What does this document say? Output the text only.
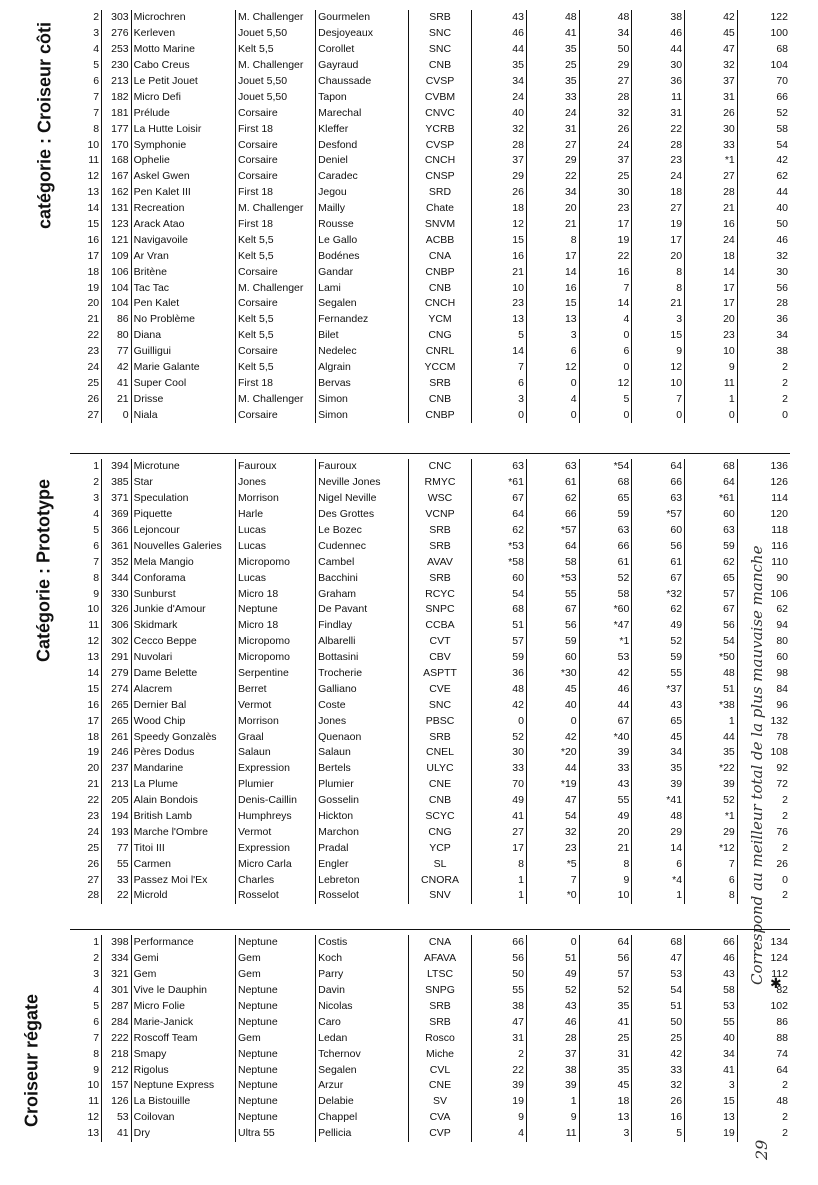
catégorie : Croiseur côti
Catégorie : Prototype
Croiseur régate
Correspond au meilleur total de la plus mauvaise manche ✱
29
2	303	Microchren	M. Challenger	Gourmelen	SRB	43	48	48	38	42	122
3	276	Kerleven	Jouet 5,50	Desjoyeaux	SNC	46	41	34	46	45	100
4	253	Motto Marine	Kelt 5,5	Corollet	SNC	44	35	50	44	47	68
5	230	Cabo Creus	M. Challenger	Gayraud	CNB	35	25	29	30	32	104
6	213	Le Petit Jouet	Jouet 5,50	Chaussade	CVSP	34	35	27	36	37	70
7	182	Micro Defi	Jouet 5,50	Tapon	CVBM	24	33	28	11	31	66
7	181	Prélude	Corsaire	Marechal	CNVC	40	24	32	31	26	52
8	177	La Hutte Loisir	First 18	Kleffer	YCRB	32	31	26	22	30	58
10	170	Symphonie	Corsaire	Desfond	CVSP	28	27	24	28	33	54
11	168	Ophelie	Corsaire	Deniel	CNCH	37	29	37	23	*1	42
12	167	Askel Gwen	Corsaire	Caradec	CNSP	29	22	25	24	27	62
13	162	Pen Kalet III	First 18	Jegou	SRD	26	34	30	18	28	44
14	131	Recreation	M. Challenger	Mailly	Chate	18	20	23	27	21	40
15	123	Arack Atao	First 18	Rousse	SNVM	12	21	17	19	16	50
16	121	Navigavoile	Kelt 5,5	Le Gallo	ACBB	15	8	19	17	24	46
17	109	Ar Vran	Kelt 5,5	Bodénes	CNA	16	17	22	20	18	32
18	106	Britène	Corsaire	Gandar	CNBP	21	14	16	8	14	30
19	104	Tac Tac	M. Challenger	Lami	CNB	10	16	7	8	17	56
20	104	Pen Kalet	Corsaire	Segalen	CNCH	23	15	14	21	17	28
21	86	No Problème	Kelt 5,5	Fernandez	YCM	13	13	4	3	20	36
22	80	Diana	Kelt 5,5	Bilet	CNG	5	3	0	15	23	34
23	77	Guilligui	Corsaire	Nedelec	CNRL	14	6	6	9	10	38
24	42	Marie Galante	Kelt 5,5	Algrain	YCCM	7	12	0	12	9	2
25	41	Super Cool	First 18	Bervas	SRB	6	0	12	10	11	2
26	21	Drisse	M. Challenger	Simon	CNB	3	4	5	7	1	2
27	0	Niala	Corsaire	Simon	CNBP	0	0	0	0	0	0
1	394	Microtune	Fauroux	Fauroux	CNC	63	63	*54	64	68	136
2	385	Star	Jones	Neville Jones	RMYC	*61	61	68	66	64	126
3	371	Speculation	Morrison	Nigel Neville	WSC	67	62	65	63	*61	114
4	369	Piquette	Harle	Des Grottes	VCNP	64	66	59	*57	60	120
5	366	Lejoncour	Lucas	Le Bozec	SRB	62	*57	63	60	63	118
6	361	Nouvelles Galeries	Lucas	Cudennec	SRB	*53	64	66	56	59	116
7	352	Mela Mangio	Micropomo	Cambel	AVAV	*58	58	61	61	62	110
8	344	Conforama	Lucas	Bacchini	SRB	60	*53	52	67	65	90
9	330	Sunburst	Micro 18	Graham	RCYC	54	55	58	*32	57	106
10	326	Junkie d'Amour	Neptune	De Pavant	SNPC	68	67	*60	62	67	62
11	306	Skidmark	Micro 18	Findlay	CCBA	51	56	*47	49	56	94
12	302	Cecco Beppe	Micropomo	Albarelli	CVT	57	59	*1	52	54	80
13	291	Nuvolari	Micropomo	Bottasini	CBV	59	60	53	59	*50	60
14	279	Dame Belette	Serpentine	Trocherie	ASPTT	36	*30	42	55	48	98
15	274	Alacrem	Berret	Galliano	CVE	48	45	46	*37	51	84
16	265	Dernier Bal	Vermot	Coste	SNC	42	40	44	43	*38	96
17	265	Wood Chip	Morrison	Jones	PBSC	0	0	67	65	1	132
18	261	Speedy Gonzalès	Graal	Quenaon	SRB	52	42	*40	45	44	78
19	246	Pères Dodus	Salaun	Salaun	CNEL	30	*20	39	34	35	108
20	237	Mandarine	Expression	Bertels	ULYC	33	44	33	35	*22	92
21	213	La Plume	Plumier	Plumier	CNE	70	*19	43	39	39	72
22	205	Alain Bondois	Denis-Caillin	Gosselin	CNB	49	47	55	*41	52	2
23	194	British Lamb	Humphreys	Hickton	SCYC	41	54	49	48	*1	2
24	193	Marche l'Ombre	Vermot	Marchon	CNG	27	32	20	29	29	76
25	77	Titoi III	Expression	Pradal	YCP	17	23	21	14	*12	2
26	55	Carmen	Micro Carla	Engler	SL	8	*5	8	6	7	26
27	33	Passez Moi l'Ex	Charles	Lebreton	CNORA	1	7	9	*4	6	0
28	22	Microld	Rosselot	Rosselot	SNV	1	*0	10	1	8	2
1	398	Performance	Neptune	Costis	CNA	66	0	64	68	66	134
2	334	Gemi	Gem	Koch	AFAVA	56	51	56	47	46	124
3	321	Gem	Gem	Parry	LTSC	50	49	57	53	43	112
4	301	Vive le Dauphin	Neptune	Davin	SNPG	55	52	52	54	58	82
5	287	Micro Folie	Neptune	Nicolas	SRB	38	43	35	51	53	102
6	284	Marie-Janick	Neptune	Caro	SRB	47	46	41	50	55	86
7	222	Roscoff Team	Gem	Ledan	Rosco	31	28	25	25	40	88
8	218	Smapy	Neptune	Tchernov	Miche	2	37	31	42	34	74
9	212	Rigolus	Neptune	Segalen	CVL	22	38	35	33	41	64
10	157	Neptune Express	Neptune	Arzur	CNE	39	39	45	32	3	2
11	126	La Bistouille	Neptune	Delabie	SV	19	1	18	26	15	48
12	53	Coilovan	Neptune	Chappel	CVA	9	9	13	16	13	2
13	41	Dry	Ultra 55	Pellicia	CVP	4	11	3	5	19	2
